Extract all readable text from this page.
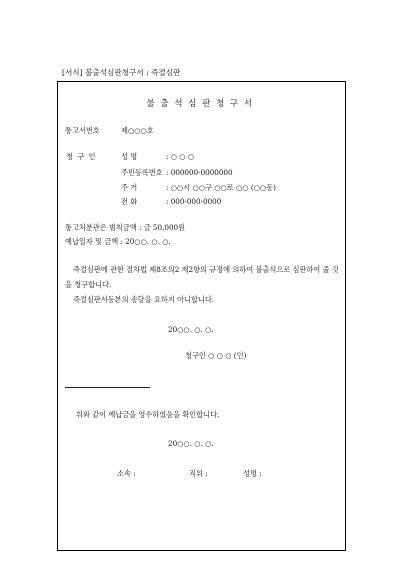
[서식] 불출석심판청구서 : 즉결심판
불 출 석 심 판 청 구 서
통고서번호	제○○○호
청 구 인	성 명	: ○ ○ ○
주민등록번호 : 000000-0000000
주 거	: ○○시 ○○구 ○○로 ○○ (○○동)
전 화	: 000-000-0000
통고처분관은 범칙금액 : 금 50,000원
예납일자 및 금액 : 20○○. ○. ○.
즉결심판에 관한 절차법 제8조의2 제2항의 규정에 의하여 불출석으로 심판하여 줄 것을 청구합니다.
즉결심판서등본의 송달을 요하지 아니합니다.
20○○. ○. ○.
청구인 ○ ○ ○ (인)
위와 같이 예납금을 영수하였음을 확인합니다.
20○○. ○. ○.
소속 :	직위 :	성명 :
